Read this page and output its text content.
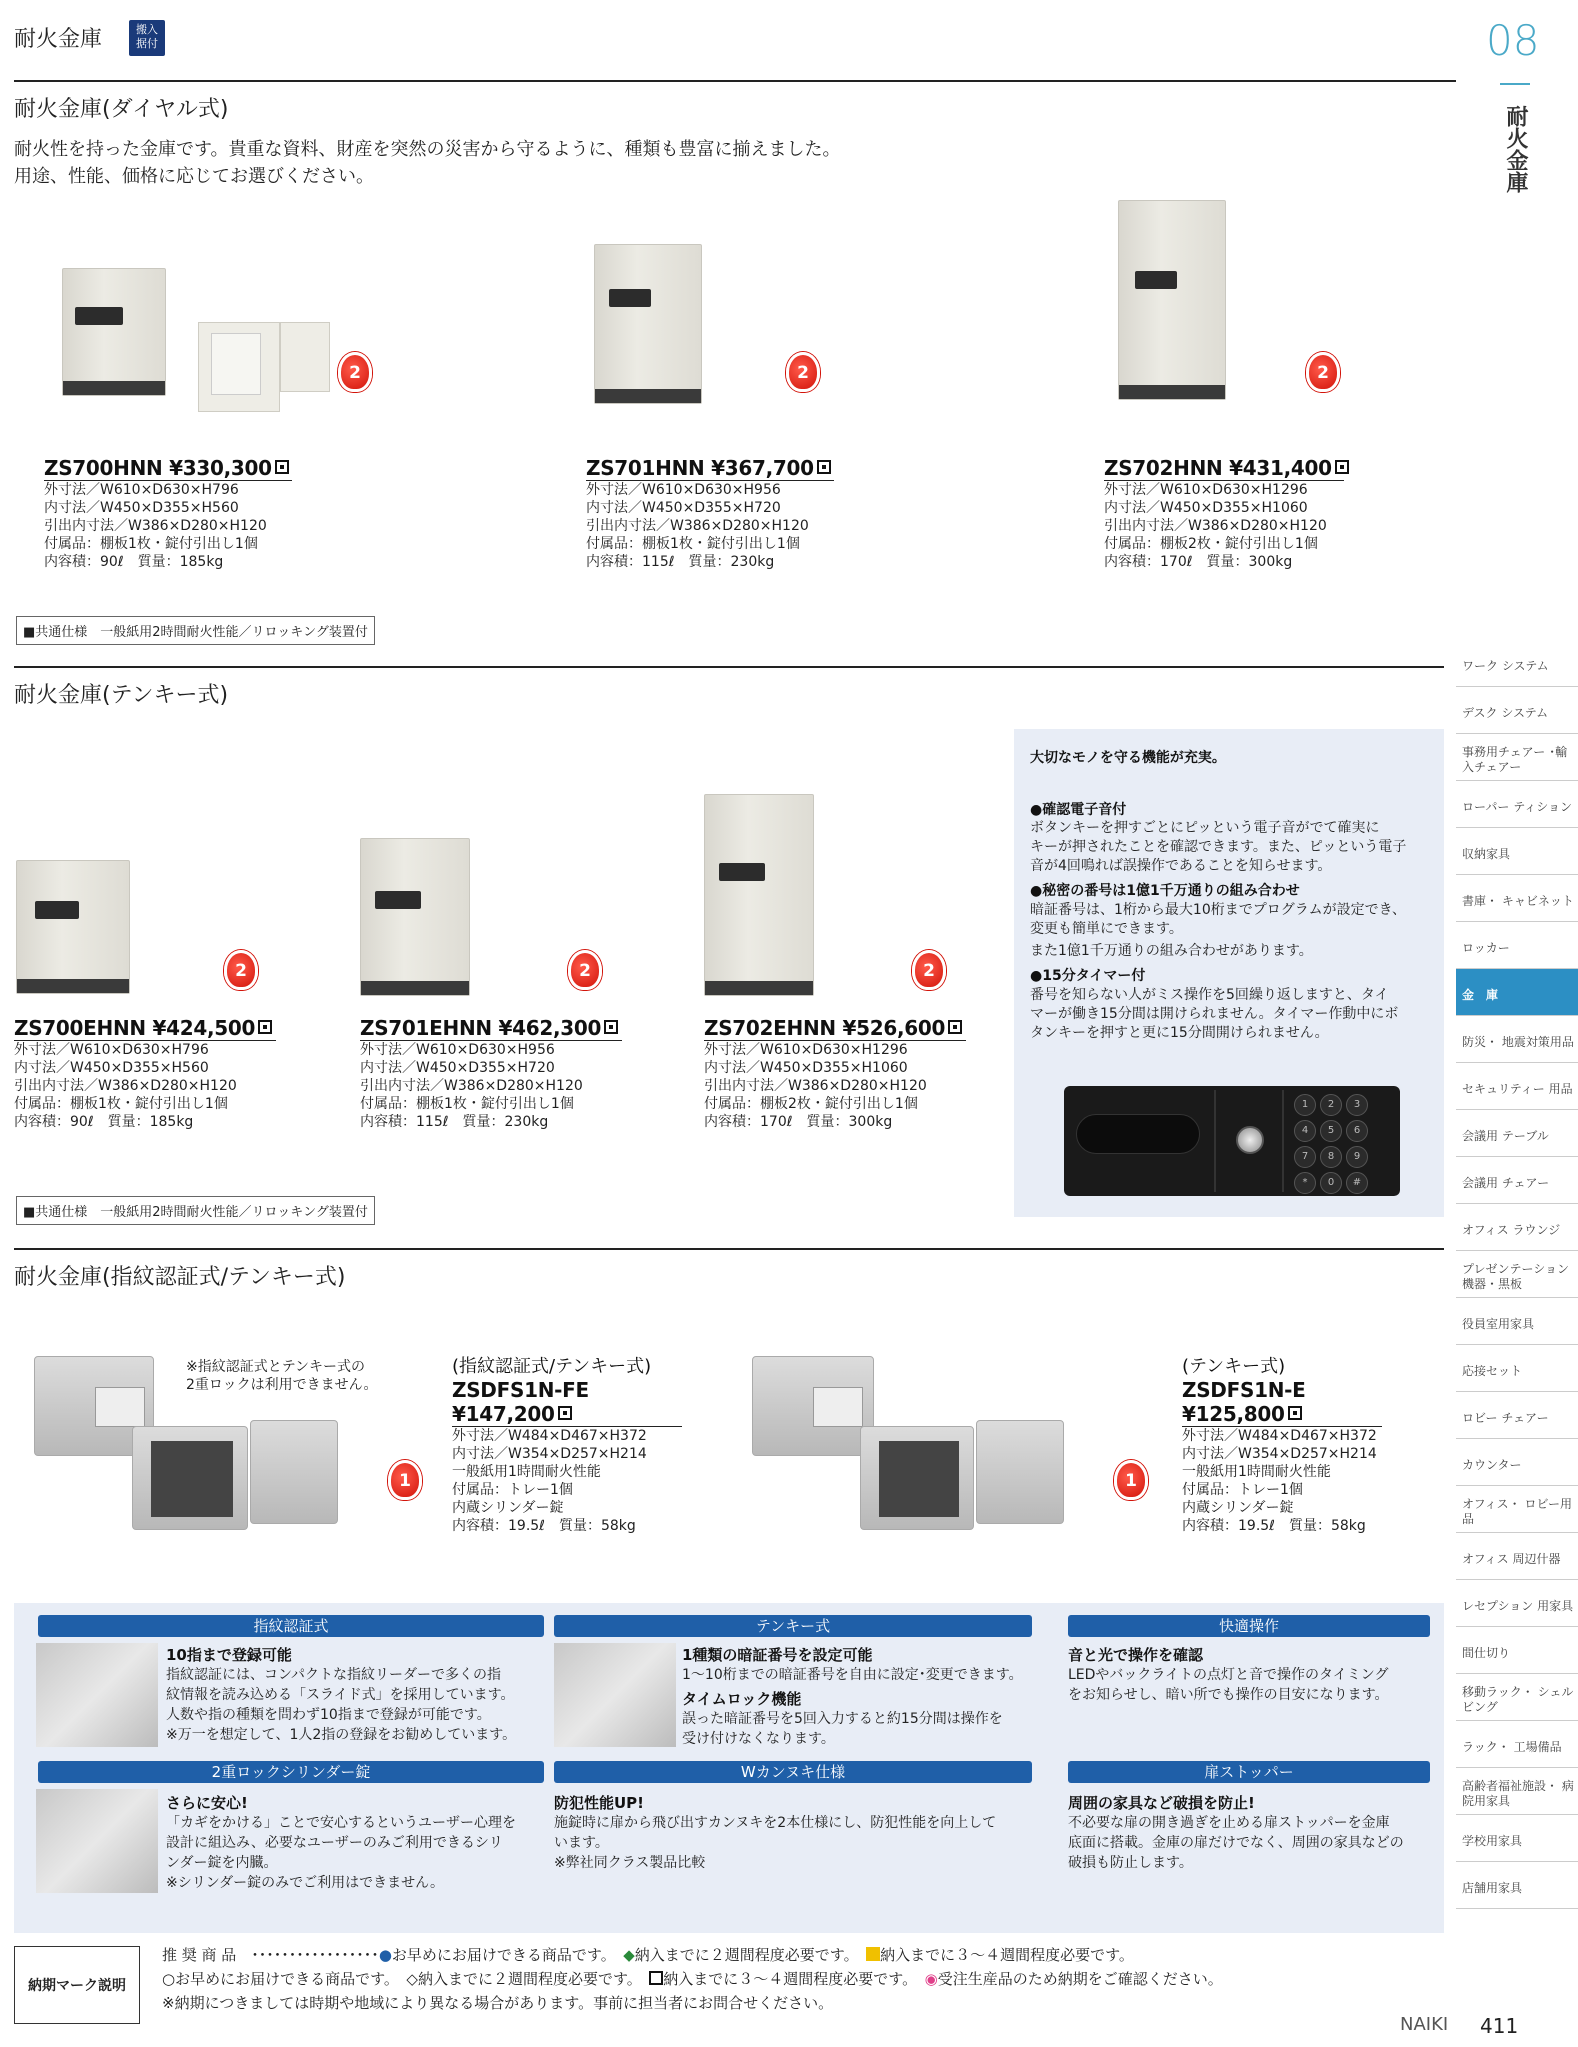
耐火金庫	搬入据付	08
耐火金庫
耐火金庫(ダイヤル式)
耐火性を持った金庫です。貴重な資料、財産を突然の災害から守るように、種類も豊富に揃えました。
用途、性能、価格に応じてお選びください。
2	2	2
ZS700HNN ¥330,300
外寸法／W610×D630×H796
内寸法／W450×D355×H560
引出内寸法／W386×D280×H120
付属品：棚板1枚・錠付引出し1個
内容積：90ℓ　質量：185kg
ZS701HNN ¥367,700
外寸法／W610×D630×H956
内寸法／W450×D355×H720
引出内寸法／W386×D280×H120
付属品：棚板1枚・錠付引出し1個
内容積：115ℓ　質量：230kg
ZS702HNN ¥431,400
外寸法／W610×D630×H1296
内寸法／W450×D355×H1060
引出内寸法／W386×D280×H120
付属品：棚板2枚・錠付引出し1個
内容積：170ℓ　質量：300kg
■共通仕様　一般紙用2時間耐火性能／リロッキング装置付
耐火金庫(テンキー式)
2	2	2
ZS700EHNN ¥424,500
外寸法／W610×D630×H796
内寸法／W450×D355×H560
引出内寸法／W386×D280×H120
付属品：棚板1枚・錠付引出し1個
内容積：90ℓ　質量：185kg
ZS701EHNN ¥462,300
外寸法／W610×D630×H956
内寸法／W450×D355×H720
引出内寸法／W386×D280×H120
付属品：棚板1枚・錠付引出し1個
内容積：115ℓ　質量：230kg
ZS702EHNN ¥526,600
外寸法／W610×D630×H1296
内寸法／W450×D355×H1060
引出内寸法／W386×D280×H120
付属品：棚板2枚・錠付引出し1個
内容積：170ℓ　質量：300kg
大切なモノを守る機能が充実。
●確認電子音付
ボタンキーを押すごとにピッという電子音がでて確実に
キーが押されたことを確認できます。また、ピッという電子
音が4回鳴れば誤操作であることを知らせます。
●秘密の番号は1億1千万通りの組み合わせ
暗証番号は、1桁から最大10桁までプログラムが設定でき、
変更も簡単にできます。
また1億1千万通りの組み合わせがあります。
●15分タイマー付
番号を知らない人がミス操作を5回繰り返しますと、タイ
マーが働き15分間は開けられません。タイマー作動中にボ
タンキーを押すと更に15分間開けられません。
1	2	3
4	5	6
7	8	9
*	0	#
■共通仕様　一般紙用2時間耐火性能／リロッキング装置付
耐火金庫(指紋認証式/テンキー式)
※指紋認証式とテンキー式の
2重ロックは利用できません。
1
(指紋認証式/テンキー式)
ZSDFS1N-FE
¥147,200
外寸法／W484×D467×H372
内寸法／W354×D257×H214
一般紙用1時間耐火性能
付属品：トレー1個
内蔵シリンダー錠
内容積：19.5ℓ　質量：58kg
1
(テンキー式)
ZSDFS1N-E
¥125,800
外寸法／W484×D467×H372
内寸法／W354×D257×H214
一般紙用1時間耐火性能
付属品：トレー1個
内蔵シリンダー錠
内容積：19.5ℓ　質量：58kg
ワーク システム
デスク システム
事務用チェアー ･輸入チェアー
ローパー ティション
収納家具
書庫・ キャビネット
ロッカー
金　庫
防災・ 地震対策用品
セキュリティー 用品
会議用 テーブル
会議用 チェアー
オフィス ラウンジ
プレゼンテーション 機器・黒板
役員室用家具
応接セット
ロビー チェアー
カウンター
オフィス・ ロビー用品
オフィス 周辺什器
レセプション 用家具
間仕切り
移動ラック・ シェルビング
ラック・ 工場備品
高齢者福祉施設・ 病院用家具
学校用家具
店舗用家具
指紋認証式
10指まで登録可能
指紋認証には、コンパクトな指紋リーダーで多くの指
紋情報を読み込める「スライド式」を採用しています。
人数や指の種類を問わず10指まで登録が可能です。
※万一を想定して、1人2指の登録をお勧めしています。
テンキー式
1種類の暗証番号を設定可能
1〜10桁までの暗証番号を自由に設定･変更できます。
タイムロック機能
誤った暗証番号を5回入力すると約15分間は操作を
受け付けなくなります。
快適操作
音と光で操作を確認
LEDやバックライトの点灯と音で操作のタイミング
をお知らせし、暗い所でも操作の目安になります。
2重ロックシリンダー錠
さらに安心!
「カギをかける」ことで安心するというユーザー心理を
設計に組込み、必要なユーザーのみご利用できるシリ
ンダー錠を内臓。
※シリンダー錠のみでご利用はできません。
Wカンヌキ仕様
防犯性能UP!
施錠時に扉から飛び出すカンヌキを2本仕様にし、防犯性能を向上して
います。
※弊社同クラス製品比較
扉ストッパー
周囲の家具など破損を防止!
不必要な扉の開き過ぎを止める扉ストッパーを金庫
底面に搭載。金庫の扉だけでなく、周囲の家具などの
破損も防止します。
納期マーク説明
推 奨 商 品　･････････････････●お早めにお届けできる商品です。　 ◆納入までに２週間程度必要です。　 納入までに３～４週間程度必要です。
○お早めにお届けできる商品です。　 ◇納入までに２週間程度必要です。　 納入までに３～４週間程度必要です。　 ◉受注生産品のため納期をご確認ください。
※納期につきましては時期や地域により異なる場合があります。事前に担当者にお問合せください。
NAIKI 411
